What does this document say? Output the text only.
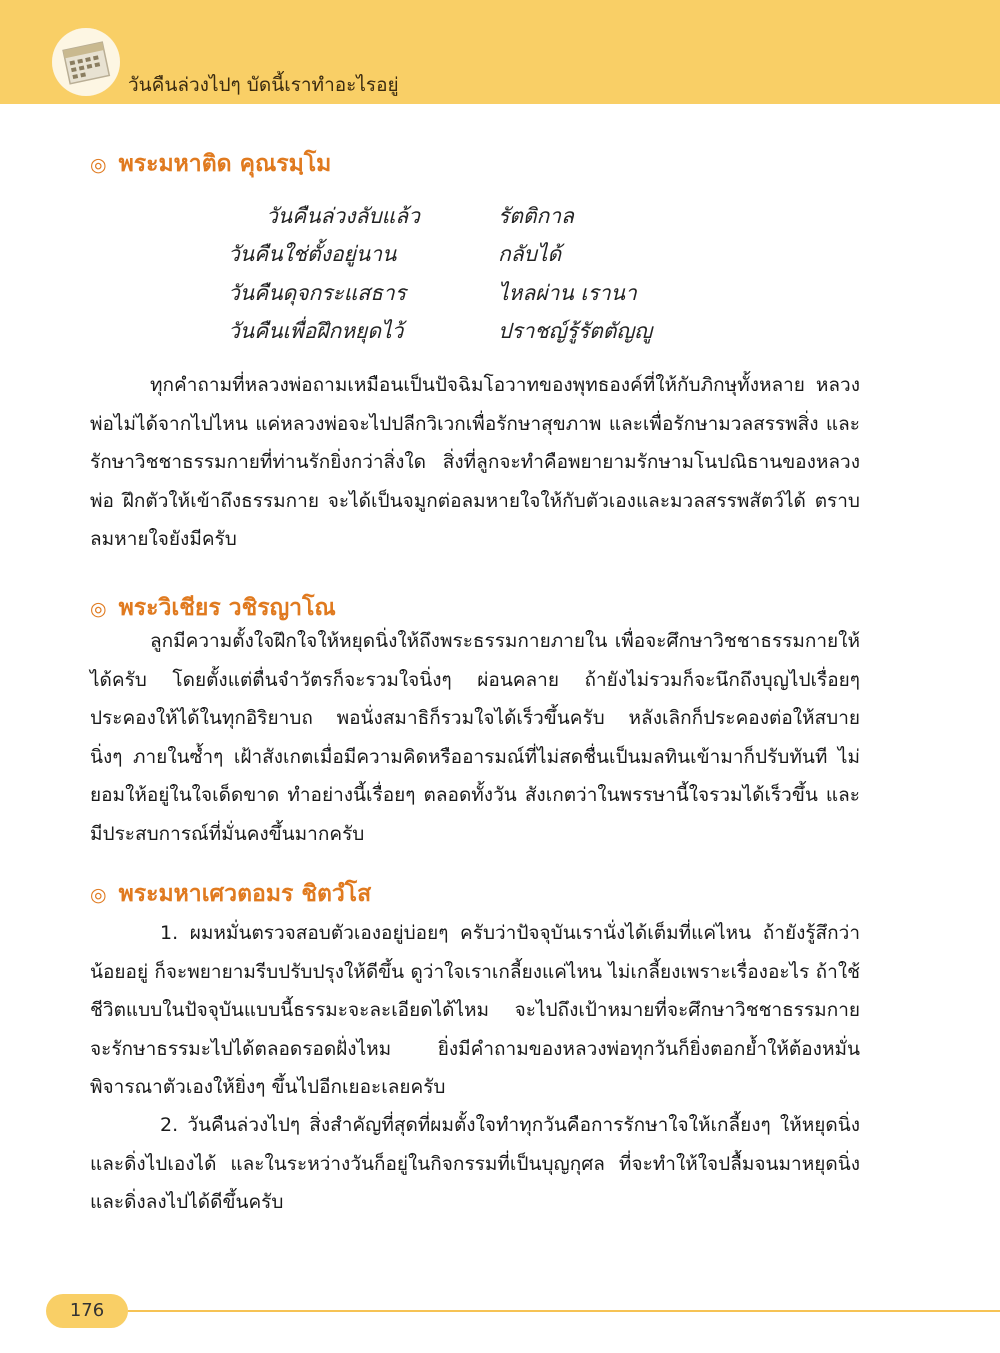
วันคืนล่วงไปๆ บัดนี้เราทำอะไรอยู่
◎ พระมหาติด คุณรมฺโม
วันคืนล่วงลับแล้ว	รัตติกาล
วันคืนใช่ตั้งอยู่นาน	กลับได้
วันคืนดุจกระแสธาร	ไหลผ่าน เรานา
วันคืนเพื่อฝึกหยุดไว้	ปราชญ์รู้รัตตัญญู

ทุกคำถามที่หลวงพ่อถามเหมือนเป็นปัจฉิมโอวาทของพุทธองค์ที่ให้กับภิกษุทั้งหลาย หลวงพ่อไม่ได้จากไปไหน แค่หลวงพ่อจะไปปลีกวิเวกเพื่อรักษาสุขภาพ และเพื่อรักษามวลสรรพสิ่ง และรักษาวิชชาธรรมกายที่ท่านรักยิ่งกว่าสิ่งใด สิ่งที่ลูกจะทำคือพยายามรักษามโนปณิธานของหลวงพ่อ ฝึกตัวให้เข้าถึงธรรมกาย จะได้เป็นจมูกต่อลมหายใจให้กับตัวเองและมวลสรรพสัตว์ได้ ตราบลมหายใจยังมีครับ

◎ พระวิเชียร วชิรญาโณ

ลูกมีความตั้งใจฝึกใจให้หยุดนิ่งให้ถึงพระธรรมกายภายใน เพื่อจะศึกษาวิชชาธรรมกายให้ได้ครับ โดยตั้งแต่ตื่นจำวัตรก็จะรวมใจนิ่งๆ ผ่อนคลาย ถ้ายังไม่รวมก็จะนึกถึงบุญไปเรื่อยๆ ประคองให้ได้ในทุกอิริยาบถ พอนั่งสมาธิก็รวมใจได้เร็วขึ้นครับ หลังเลิกก็ประคองต่อให้สบาย นิ่งๆ ภายในซ้ำๆ เฝ้าสังเกตเมื่อมีความคิดหรืออารมณ์ที่ไม่สดชื่นเป็นมลทินเข้ามาก็ปรับทันที ไม่ยอมให้อยู่ในใจเด็ดขาด ทำอย่างนี้เรื่อยๆ ตลอดทั้งวัน สังเกตว่าในพรรษานี้ใจรวมได้เร็วขึ้น และมีประสบการณ์ที่มั่นคงขึ้นมากครับ

◎ พระมหาเศวตอมร ชิตวํโส

1. ผมหมั่นตรวจสอบตัวเองอยู่บ่อยๆ ครับว่าปัจจุบันเรานั่งได้เต็มที่แค่ไหน ถ้ายังรู้สึกว่าน้อยอยู่ ก็จะพยายามรีบปรับปรุงให้ดีขึ้น ดูว่าใจเราเกลี้ยงแค่ไหน ไม่เกลี้ยงเพราะเรื่องอะไร ถ้าใช้ชีวิตแบบในปัจจุบันแบบนี้ธรรมะจะละเอียดได้ไหม จะไปถึงเป้าหมายที่จะศึกษาวิชชาธรรมกาย จะรักษาธรรมะไปได้ตลอดรอดฝั่งไหม ยิ่งมีคำถามของหลวงพ่อทุกวันก็ยิ่งตอกย้ำให้ต้องหมั่นพิจารณาตัวเองให้ยิ่งๆ ขึ้นไปอีกเยอะเลยครับ

2. วันคืนล่วงไปๆ สิ่งสำคัญที่สุดที่ผมตั้งใจทำทุกวันคือการรักษาใจให้เกลี้ยงๆ ให้หยุดนิ่งและดิ่งไปเองได้ และในระหว่างวันก็อยู่ในกิจกรรมที่เป็นบุญกุศล ที่จะทำให้ใจปลื้มจนมาหยุดนิ่งและดิ่งลงไปได้ดีขึ้นครับ

176
